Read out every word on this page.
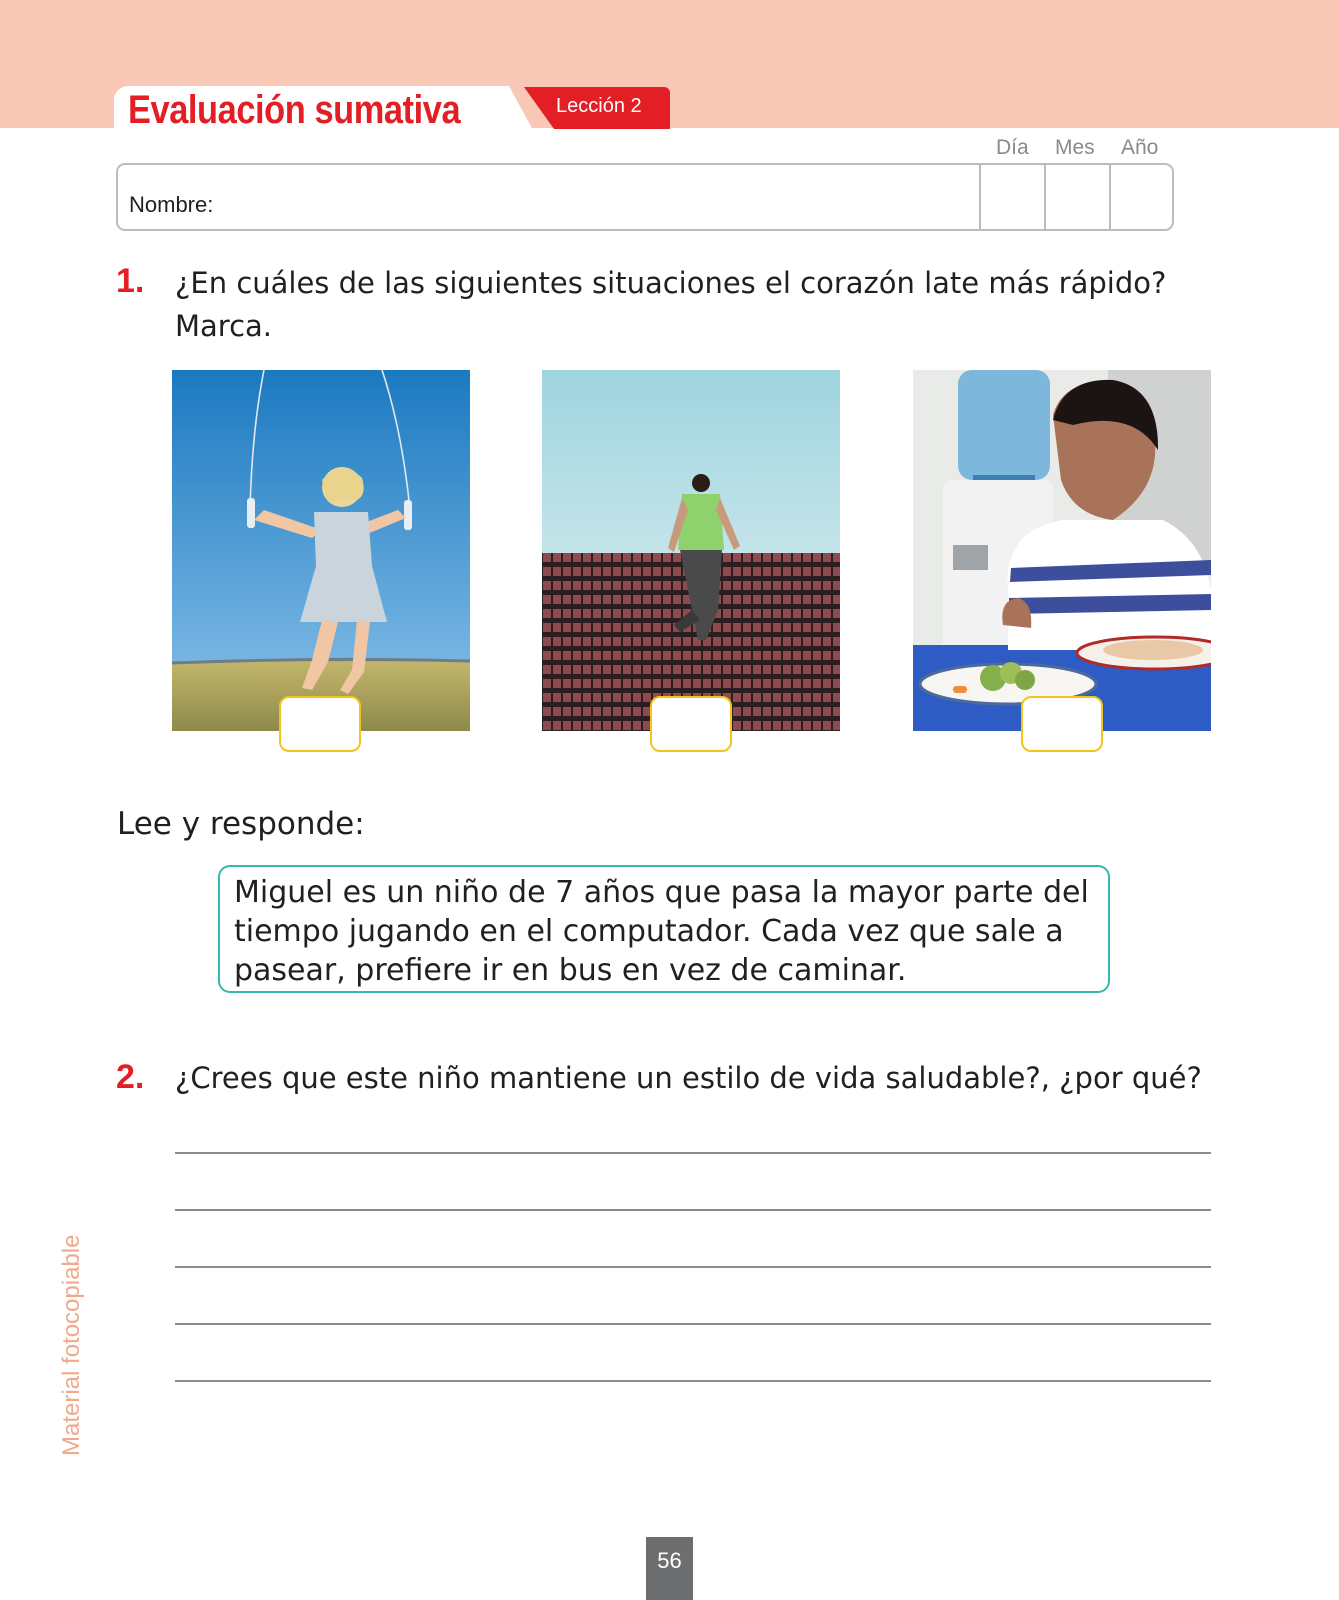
Evaluación sumativa	Lección 2
Día Mes Año
Nombre:
1. ¿En cuáles de las siguientes situaciones el corazón late más rápido?
Marca.
Lee y responde:
Miguel es un niño de 7 años que pasa la mayor parte del
tiempo jugando en el computador. Cada vez que sale a
pasear, prefiere ir en bus en vez de caminar.
2. ¿Crees que este niño mantiene un estilo de vida saludable?, ¿por qué?
Material fotocopiable
56
